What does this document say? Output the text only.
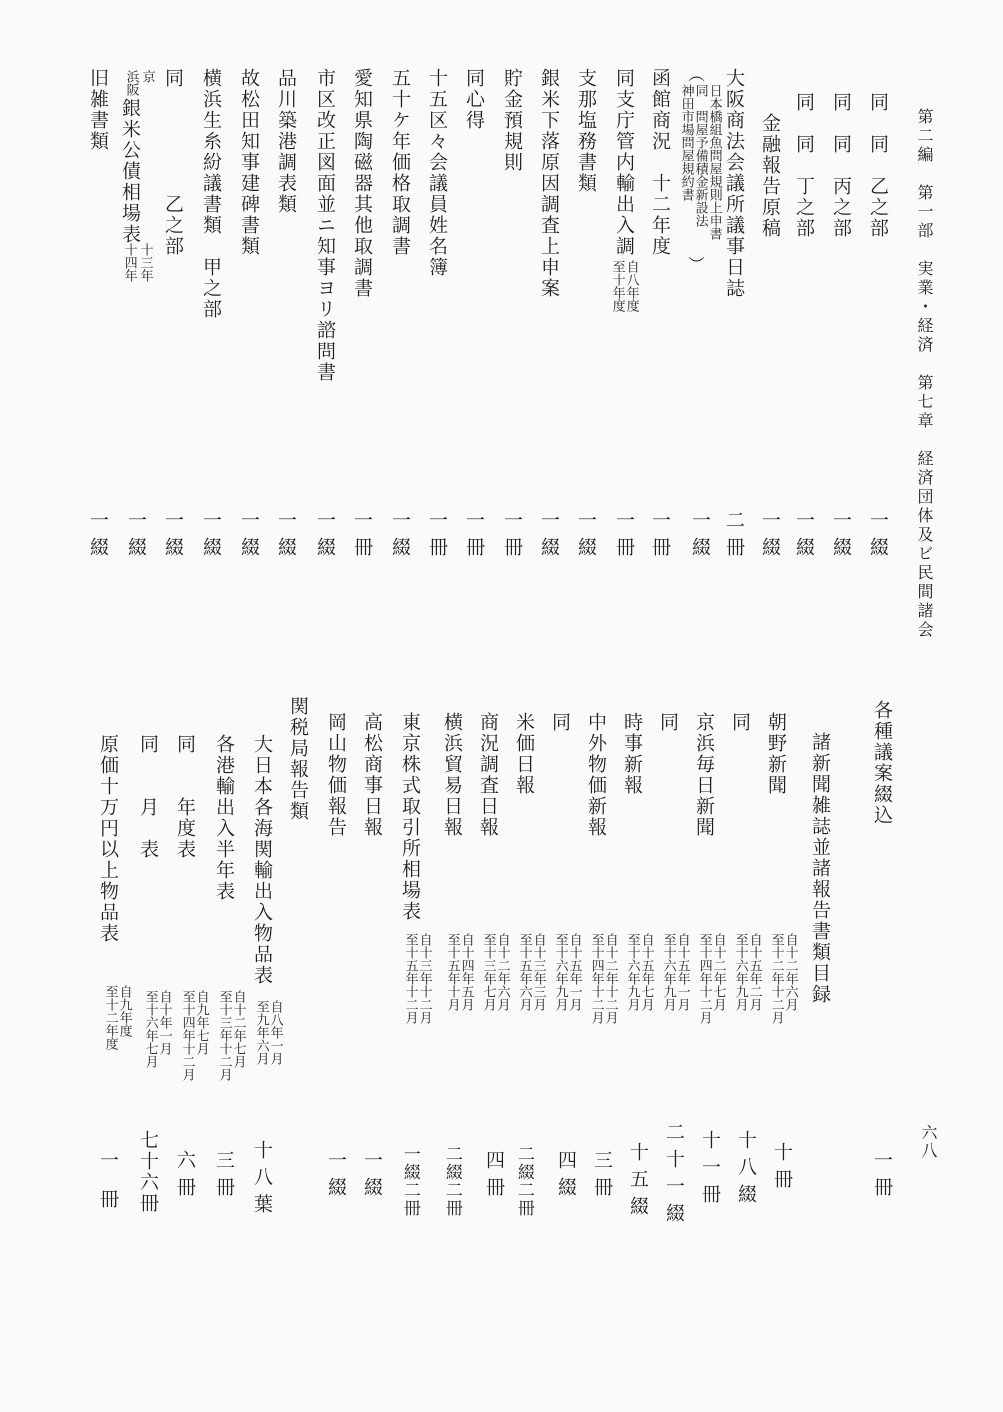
第二編　第一部　実業・経済　第七章　経済団体及ビ民間諸会
六八
同　同　乙之部
一綴
同　同　丙之部
一綴
同　同　丁之部
一綴
金融報告原稿
一綴
大阪商法会議所議事日誌
二冊
︵
日本橋組魚問屋規則上申書
同　問屋予備積金新設法
神田市場問屋規約書
︶
一綴
函館商況　十二年度
一冊
同支庁管内輸出入調
自八年度
至十年度
一冊
支那塩務書類
一綴
銀米下落原因調査上申案
一綴
貯金預規則
一冊
同心得
一冊
十五区々会議員姓名簿
一冊
五十ケ年価格取調書
一綴
愛知県陶磁器其他取調書
一冊
市区改正図面並ニ知事ヨリ諮問書
一綴
品川築港調表類
一綴
故松田知事建碑書類
一綴
横浜生糸紛議書類　甲之部
一綴
同　　　　　乙之部
一綴
京
浜阪
銀米公債相場表
十三年
十四年
一綴
旧雑書類
一綴
諸新聞雑誌並諸報告書類目録 各種議案綴込
一冊
朝野新聞
自十二年六月
至十二年十二月
十冊
同
自十五年二月
至十六年九月
十八綴
京浜毎日新聞
自十二年七月
至十四年十二月
十一冊
同
自十五年一月
至十六年九月
二十一綴
時事新報
自十五年七月
至十六年九月
十五綴
中外物価新報
自十二年十二月
至十四年十二月
三冊
同
自十五年一月
至十六年九月
四綴
米価日報
自十三年三月
至十五年六月
二綴二冊
商況調査日報
自十二年六月
至十三年七月
四冊
横浜貿易日報
自十四年五月
至十五年十月
二綴二冊
東京株式取引所相場表
自十三年十二月
至十五年十二月
一綴二冊
高松商事日報
一綴
岡山物価報告
一綴
関税局報告類
大日本各海関輸出入物品表
自八年一月
至九年六月
十八葉
各港輸出入半年表
自十二年七月
至十三年十二月
三冊
同　　年度表
自九年七月
至十四年十二月
六冊
同　　月　表
自十年一月
至十六年七月
七十六冊
原価十万円以上物品表
自九年度
至十二年度
一冊
